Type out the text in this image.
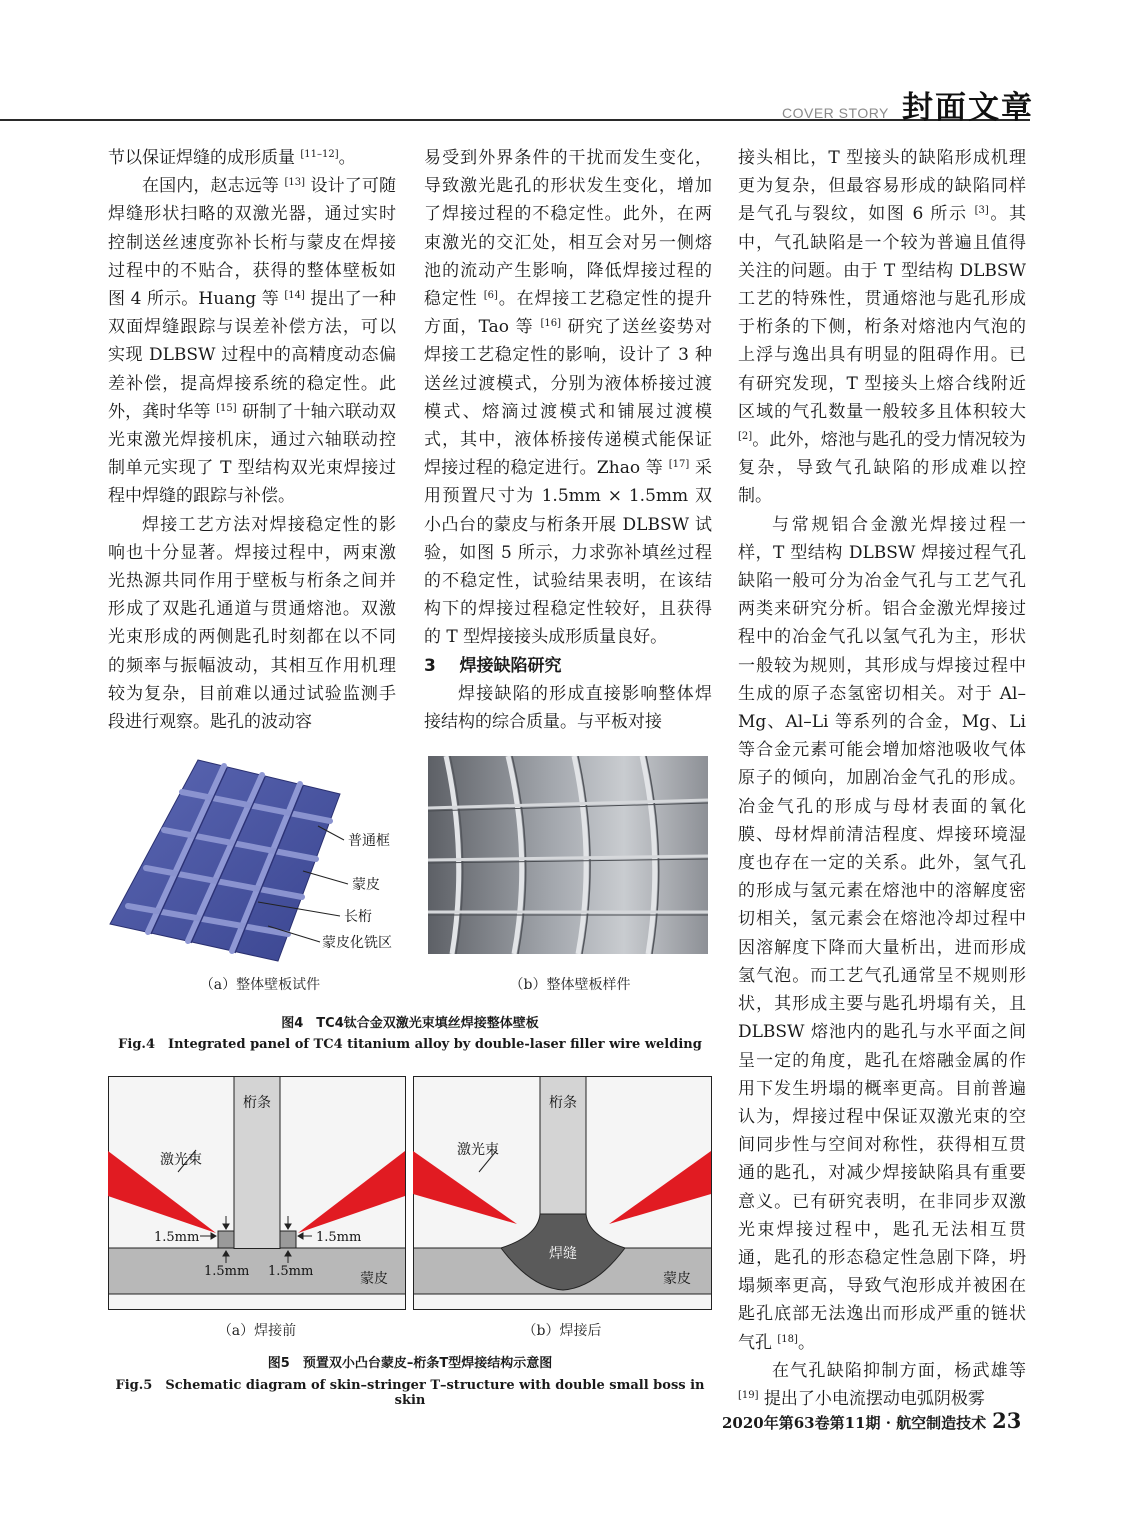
COVER STORY 封面文章

节以保证焊缝的成形质量 [11–12]。

在国内，赵志远等 [13] 设计了可随焊缝形状扫略的双激光器，通过实时控制送丝速度弥补长桁与蒙皮在焊接过程中的不贴合，获得的整体壁板如图 4 所示。Huang 等 [14] 提出了一种双面焊缝跟踪与误差补偿方法，可以实现 DLBSW 过程中的高精度动态偏差补偿，提高焊接系统的稳定性。此外，龚时华等 [15] 研制了十轴六联动双光束激光焊接机床，通过六轴联动控制单元实现了 T 型结构双光束焊接过程中焊缝的跟踪与补偿。

焊接工艺方法对焊接稳定性的影响也十分显著。焊接过程中，两束激光热源共同作用于壁板与桁条之间并形成了双匙孔通道与贯通熔池。双激光束形成的两侧匙孔时刻都在以不同的频率与振幅波动，其相互作用机理较为复杂，目前难以通过试验监测手段进行观察。匙孔的波动容

易受到外界条件的干扰而发生变化，导致激光匙孔的形状发生变化，增加了焊接过程的不稳定性。此外，在两束激光的交汇处，相互会对另一侧熔池的流动产生影响，降低焊接过程的稳定性 [6]。在焊接工艺稳定性的提升方面，Tao 等 [16] 研究了送丝姿势对焊接工艺稳定性的影响，设计了 3 种送丝过渡模式，分别为液体桥接过渡模式、熔滴过渡模式和铺展过渡模式，其中，液体桥接传递模式能保证焊接过程的稳定进行。Zhao 等 [17] 采用预置尺寸为 1.5mm × 1.5mm 双小凸台的蒙皮与桁条开展 DLBSW 试验，如图 5 所示，力求弥补填丝过程的不稳定性，试验结果表明，在该结构下的焊接过程稳定性较好，且获得的 T 型焊接接头成形质量良好。

3 焊接缺陷研究

焊接缺陷的形成直接影响整体焊接结构的综合质量。与平板对接

接头相比，T 型接头的缺陷形成机理更为复杂，但最容易形成的缺陷同样是气孔与裂纹，如图 6 所示 [3]。其中，气孔缺陷是一个较为普遍且值得关注的问题。由于 T 型结构 DLBSW 工艺的特殊性，贯通熔池与匙孔形成于桁条的下侧，桁条对熔池内气泡的上浮与逸出具有明显的阻碍作用。已有研究发现，T 型接头上熔合线附近区域的气孔数量一般较多且体积较大 [2]。此外，熔池与匙孔的受力情况较为复杂，导致气孔缺陷的形成难以控制。

与常规铝合金激光焊接过程一样，T 型结构 DLBSW 焊接过程气孔缺陷一般可分为冶金气孔与工艺气孔两类来研究分析。铝合金激光焊接过程中的冶金气孔以氢气孔为主，形状一般较为规则，其形成与焊接过程中生成的原子态氢密切相关。对于 Al–Mg、Al–Li 等系列的合金，Mg、Li 等合金元素可能会增加熔池吸收气体原子的倾向，加剧冶金气孔的形成。冶金气孔的形成与母材表面的氧化膜、母材焊前清洁程度、焊接环境湿度也存在一定的关系。此外，氢气孔的形成与氢元素在熔池中的溶解度密切相关，氢元素会在熔池冷却过程中因溶解度下降而大量析出，进而形成氢气泡。而工艺气孔通常呈不规则形状，其形成主要与匙孔坍塌有关，且 DLBSW 熔池内的匙孔与水平面之间呈一定的角度，匙孔在熔融金属的作用下发生坍塌的概率更高。目前普遍认为，焊接过程中保证双激光束的空间同步性与空间对称性，获得相互贯通的匙孔，对减少焊接缺陷具有重要意义。已有研究表明，在非同步双激光束焊接过程中，匙孔无法相互贯通，匙孔的形态稳定性急剧下降，坍塌频率更高，导致气泡形成并被困在匙孔底部无法逸出而形成严重的链状气孔 [18]。

在气孔缺陷抑制方面，杨武雄等 [19] 提出了小电流摆动电弧阴极雾

普通框
蒙皮
长桁
蒙皮化铣区
（a）整体壁板试件	（b）整体壁板样件
图4　TC4钛合金双激光束填丝焊接整体壁板
Fig.4　Integrated panel of TC4 titanium alloy by double-laser filler wire welding
桁条
激光束
1.5mm	1.5mm
1.5mm 1.5mm	蒙皮
桁条
激光束
焊缝
蒙皮
（a）焊接前	（b）焊接后
图5　预置双小凸台蒙皮–桁条T型焊接结构示意图
Fig.5　Schematic diagram of skin–stringer T–structure with double small boss in skin
2020年第63卷第11期 · 航空制造技术 23
